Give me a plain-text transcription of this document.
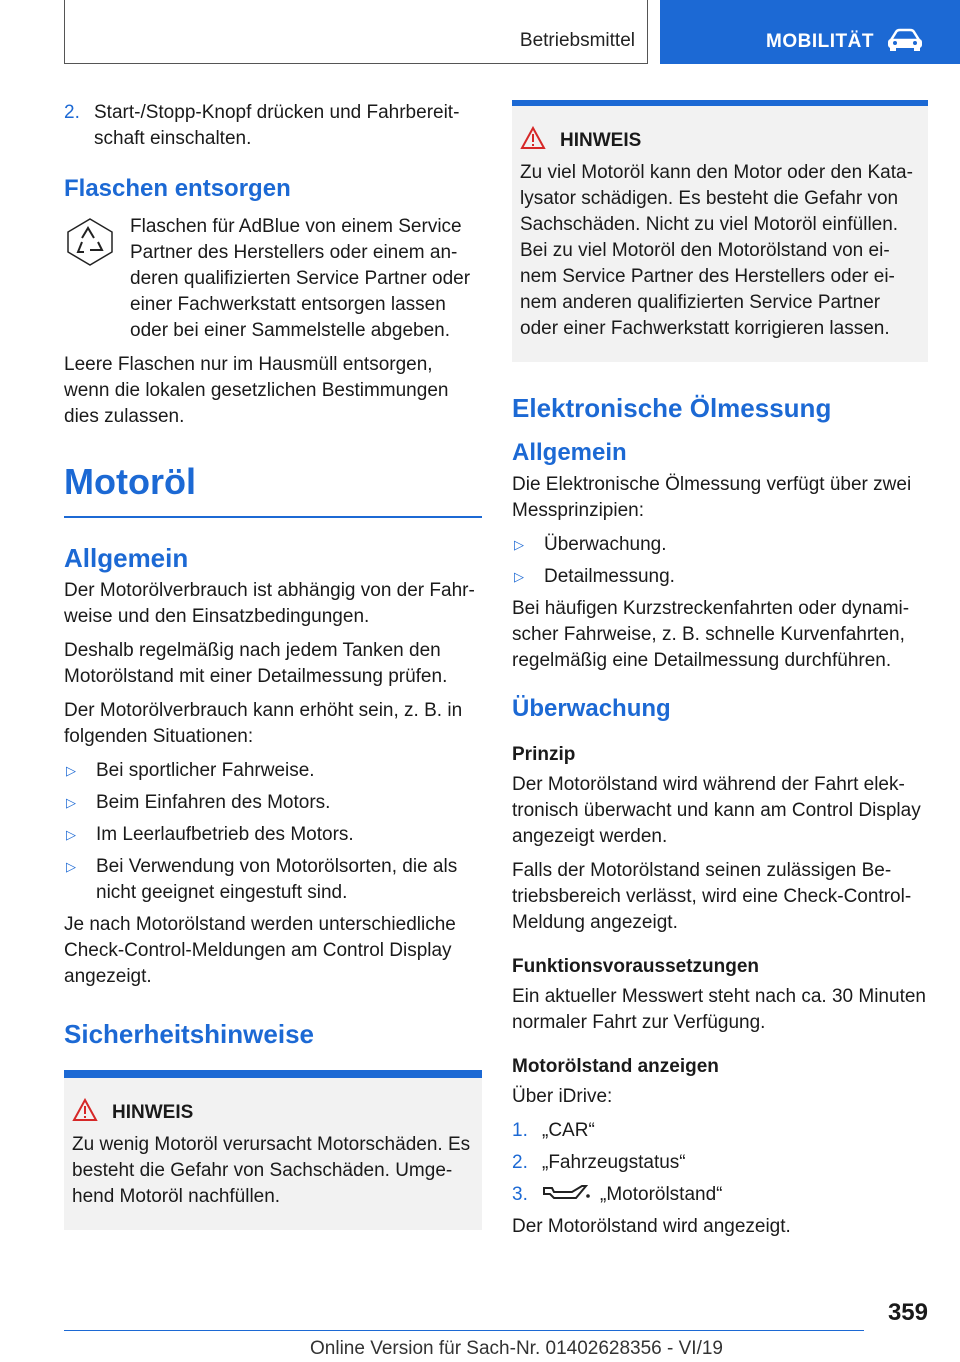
Betriebsmittel	MOBILITÄT
2. Start-/Stopp-Knopf drücken und Fahrbereitschaft einschalten.
Flaschen entsorgen

Flaschen für AdBlue von einem Service Partner des Herstellers oder einem anderen qualifizierten Service Partner oder einer Fachwerkstatt entsorgen lassen oder bei einer Sammelstelle abgeben.

Leere Flaschen nur im Hausmüll entsorgen, wenn die lokalen gesetzlichen Bestimmungen dies zulassen.

Motoröl
Allgemein

Der Motorölverbrauch ist abhängig von der Fahrweise und den Einsatzbedingungen.

Deshalb regelmäßig nach jedem Tanken den Motorölstand mit einer Detailmessung prüfen.

Der Motorölverbrauch kann erhöht sein, z. B. in folgenden Situationen:

▷	Bei sportlicher Fahrweise.
▷	Beim Einfahren des Motors.
▷	Im Leerlaufbetrieb des Motors.
▷	Bei Verwendung von Motorölsorten, die als nicht geeignet eingestuft sind.

Je nach Motorölstand werden unterschiedliche Check-Control-Meldungen am Control Display angezeigt.

Sicherheitshinweise
HINWEIS

Zu wenig Motoröl verursacht Motorschäden. Es besteht die Gefahr von Sachschäden. Umgehend Motoröl nachfüllen.

HINWEIS

Zu viel Motoröl kann den Motor oder den Katalysator schädigen. Es besteht die Gefahr von Sachschäden. Nicht zu viel Motoröl einfüllen. Bei zu viel Motoröl den Motorölstand von einem Service Partner des Herstellers oder einem anderen qualifizierten Service Partner oder einer Fachwerkstatt korrigieren lassen.

Elektronische Ölmessung
Allgemein

Die Elektronische Ölmessung verfügt über zwei Messprinzipien:

▷	Überwachung.
▷	Detailmessung.

Bei häufigen Kurzstreckenfahrten oder dynamischer Fahrweise, z. B. schnelle Kurvenfahrten, regelmäßig eine Detailmessung durchführen.

Überwachung
Prinzip

Der Motorölstand wird während der Fahrt elektronisch überwacht und kann am Control Display angezeigt werden.

Falls der Motorölstand seinen zulässigen Betriebsbereich verlässt, wird eine Check-Control-Meldung angezeigt.

Funktionsvoraussetzungen

Ein aktueller Messwert steht nach ca. 30 Minuten normaler Fahrt zur Verfügung.

Motorölstand anzeigen

Über iDrive:

1. „CAR“
2. „Fahrzeugstatus“
3.	„Motorölstand“

Der Motorölstand wird angezeigt.

359
Online Version für Sach-Nr. 01402628356 - VI/19
